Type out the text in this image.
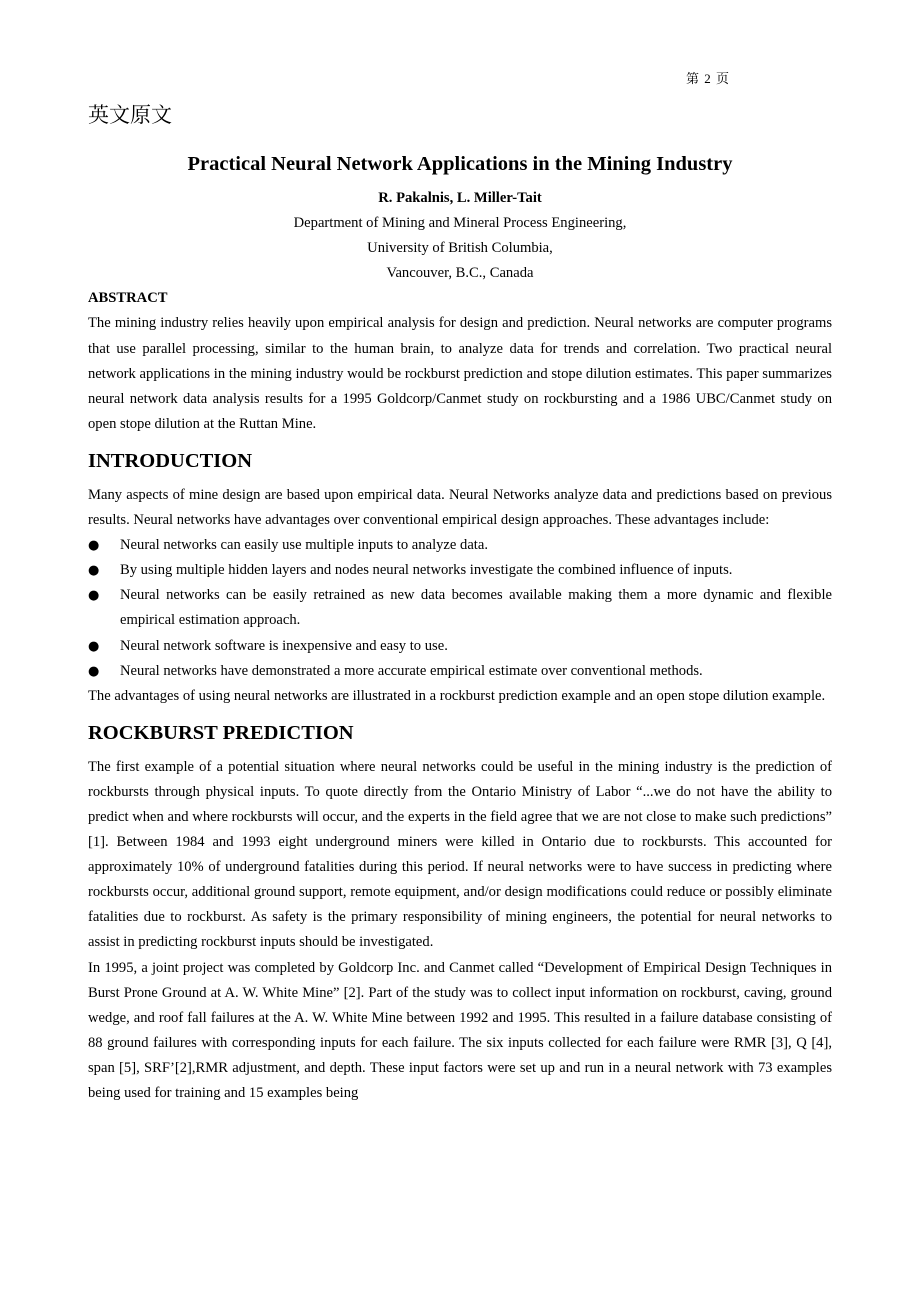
第 2 页
英文原文
Practical Neural Network Applications in the Mining Industry
R. Pakalnis, L. Miller-Tait
Department of Mining and Mineral Process Engineering,
University of British Columbia,
Vancouver, B.C., Canada
ABSTRACT

The mining industry relies heavily upon empirical analysis for design and prediction. Neural networks are computer programs that use parallel processing, similar to the human brain, to analyze data for trends and correlation. Two practical neural network applications in the mining industry would be rockburst prediction and stope dilution estimates. This paper summarizes neural network data analysis results for a 1995 Goldcorp/Canmet study on rockbursting and a 1986 UBC/Canmet study on open stope dilution at the Ruttan Mine.

INTRODUCTION

Many aspects of mine design are based upon empirical data. Neural Networks analyze data and predictions based on previous results. Neural networks have advantages over conventional empirical design approaches. These advantages include:

● Neural networks can easily use multiple inputs to analyze data.
● By using multiple hidden layers and nodes neural networks investigate the combined influence of inputs.
● Neural networks can be easily retrained as new data becomes available making them a more dynamic and flexible empirical estimation approach.
● Neural network software is inexpensive and easy to use.
● Neural networks have demonstrated a more accurate empirical estimate over conventional methods.

The advantages of using neural networks are illustrated in a rockburst prediction example and an open stope dilution example.

ROCKBURST PREDICTION

The first example of a potential situation where neural networks could be useful in the mining industry is the prediction of rockbursts through physical inputs. To quote directly from the Ontario Ministry of Labor “...we do not have the ability to predict when and where rockbursts will occur, and the experts in the field agree that we are not close to make such predictions” [1]. Between 1984 and 1993 eight underground miners were killed in Ontario due to rockbursts. This accounted for approximately 10% of underground fatalities during this period. If neural networks were to have success in predicting where rockbursts occur, additional ground support, remote equipment, and/or design modifications could reduce or possibly eliminate fatalities due to rockburst. As safety is the primary responsibility of mining engineers, the potential for neural networks to assist in predicting rockburst inputs should be investigated.

In 1995, a joint project was completed by Goldcorp Inc. and Canmet called “Development of Empirical Design Techniques in Burst Prone Ground at A. W. White Mine” [2]. Part of the study was to collect input information on rockburst, caving, ground wedge, and roof fall failures at the A. W. White Mine between 1992 and 1995. This resulted in a failure database consisting of 88 ground failures with corresponding inputs for each failure. The six inputs collected for each failure were RMR [3], Q [4], span [5], SRF’[2],RMR adjustment, and depth. These input factors were set up and run in a neural network with 73 examples being used for training and 15 examples being
